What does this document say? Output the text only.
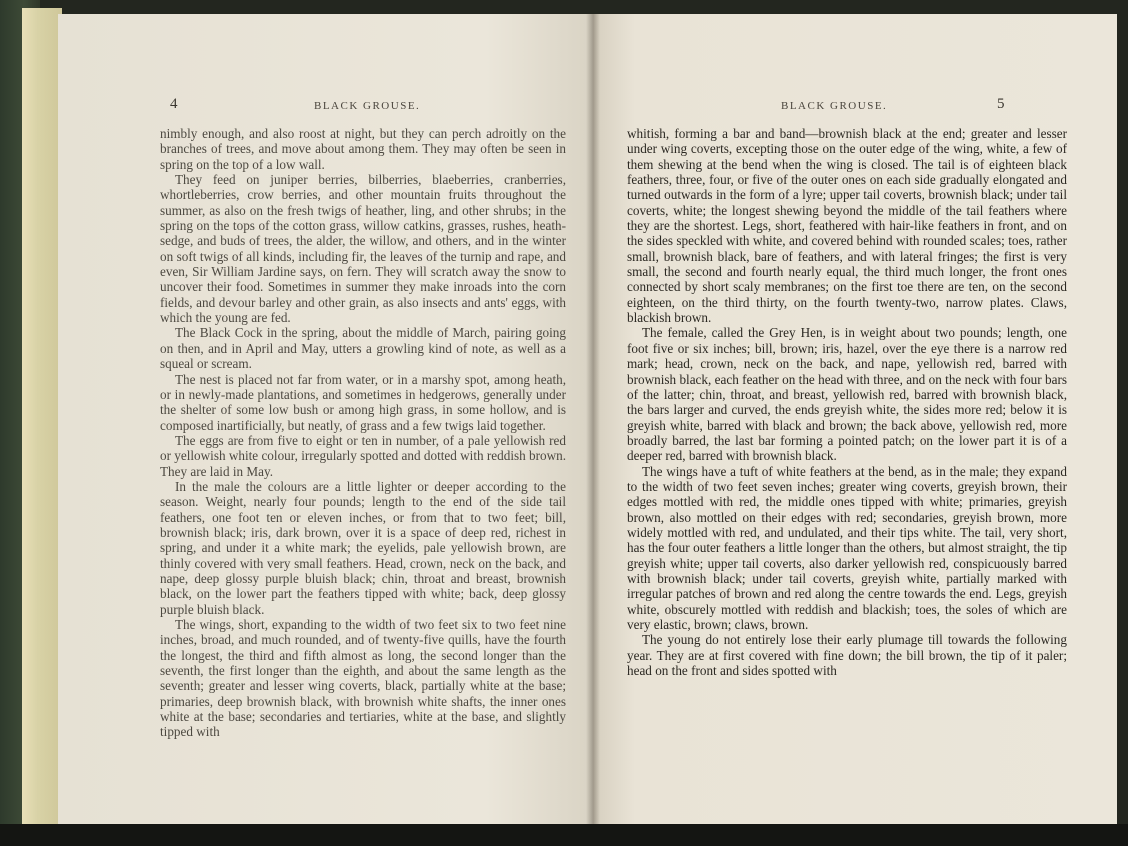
4	BLACK GROUSE.

nimbly enough, and also roost at night, but they can perch adroitly on the branches of trees, and move about among them. They may often be seen in spring on the top of a low wall.

They feed on juniper berries, bilberries, blaeberries, cranberries, whortleberries, crow berries, and other mountain fruits throughout the summer, as also on the fresh twigs of heather, ling, and other shrubs; in the spring on the tops of the cotton grass, willow catkins, grasses, rushes, heath-sedge, and buds of trees, the alder, the willow, and others, and in the winter on soft twigs of all kinds, including fir, the leaves of the turnip and rape, and even, Sir William Jardine says, on fern. They will scratch away the snow to uncover their food. Sometimes in summer they make inroads into the corn fields, and devour barley and other grain, as also insects and ants' eggs, with which the young are fed.

The Black Cock in the spring, about the middle of March, pairing going on then, and in April and May, utters a growling kind of note, as well as a squeal or scream.

The nest is placed not far from water, or in a marshy spot, among heath, or in newly-made plantations, and sometimes in hedgerows, generally under the shelter of some low bush or among high grass, in some hollow, and is composed inartificially, but neatly, of grass and a few twigs laid together.

The eggs are from five to eight or ten in number, of a pale yellowish red or yellowish white colour, irregularly spotted and dotted with reddish brown. They are laid in May.

In the male the colours are a little lighter or deeper according to the season. Weight, nearly four pounds; length to the end of the side tail feathers, one foot ten or eleven inches, or from that to two feet; bill, brownish black; iris, dark brown, over it is a space of deep red, richest in spring, and under it a white mark; the eyelids, pale yellowish brown, are thinly covered with very small feathers. Head, crown, neck on the back, and nape, deep glossy purple bluish black; chin, throat and breast, brownish black, on the lower part the feathers tipped with white; back, deep glossy purple bluish black.

The wings, short, expanding to the width of two feet six to two feet nine inches, broad, and much rounded, and of twenty-five quills, have the fourth the longest, the third and fifth almost as long, the second longer than the seventh, the first longer than the eighth, and about the same length as the seventh; greater and lesser wing coverts, black, partially white at the base; primaries, deep brownish black, with brownish white shafts, the inner ones white at the base; secondaries and tertiaries, white at the base, and slightly tipped with

BLACK GROUSE.	5

whitish, forming a bar and band—brownish black at the end; greater and lesser under wing coverts, excepting those on the outer edge of the wing, white, a few of them shewing at the bend when the wing is closed. The tail is of eighteen black feathers, three, four, or five of the outer ones on each side gradually elongated and turned outwards in the form of a lyre; upper tail coverts, brownish black; under tail coverts, white; the longest shewing beyond the middle of the tail feathers where they are the shortest. Legs, short, feathered with hair-like feathers in front, and on the sides speckled with white, and covered behind with rounded scales; toes, rather small, brownish black, bare of feathers, and with lateral fringes; the first is very small, the second and fourth nearly equal, the third much longer, the front ones connected by short scaly membranes; on the first toe there are ten, on the second eighteen, on the third thirty, on the fourth twenty-two, narrow plates. Claws, blackish brown.

The female, called the Grey Hen, is in weight about two pounds; length, one foot five or six inches; bill, brown; iris, hazel, over the eye there is a narrow red mark; head, crown, neck on the back, and nape, yellowish red, barred with brownish black, each feather on the head with three, and on the neck with four bars of the latter; chin, throat, and breast, yellowish red, barred with brownish black, the bars larger and curved, the ends greyish white, the sides more red; below it is greyish white, barred with black and brown; the back above, yellowish red, more broadly barred, the last bar forming a pointed patch; on the lower part it is of a deeper red, barred with brownish black.

The wings have a tuft of white feathers at the bend, as in the male; they expand to the width of two feet seven inches; greater wing coverts, greyish brown, their edges mottled with red, the middle ones tipped with white; primaries, greyish brown, also mottled on their edges with red; secondaries, greyish brown, more widely mottled with red, and undulated, and their tips white. The tail, very short, has the four outer feathers a little longer than the others, but almost straight, the tip greyish white; upper tail coverts, also darker yellowish red, conspicuously barred with brownish black; under tail coverts, greyish white, partially marked with irregular patches of brown and red along the centre towards the end. Legs, greyish white, obscurely mottled with reddish and blackish; toes, the soles of which are very elastic, brown; claws, brown.

The young do not entirely lose their early plumage till towards the following year. They are at first covered with fine down; the bill brown, the tip of it paler; head on the front and sides spotted with
